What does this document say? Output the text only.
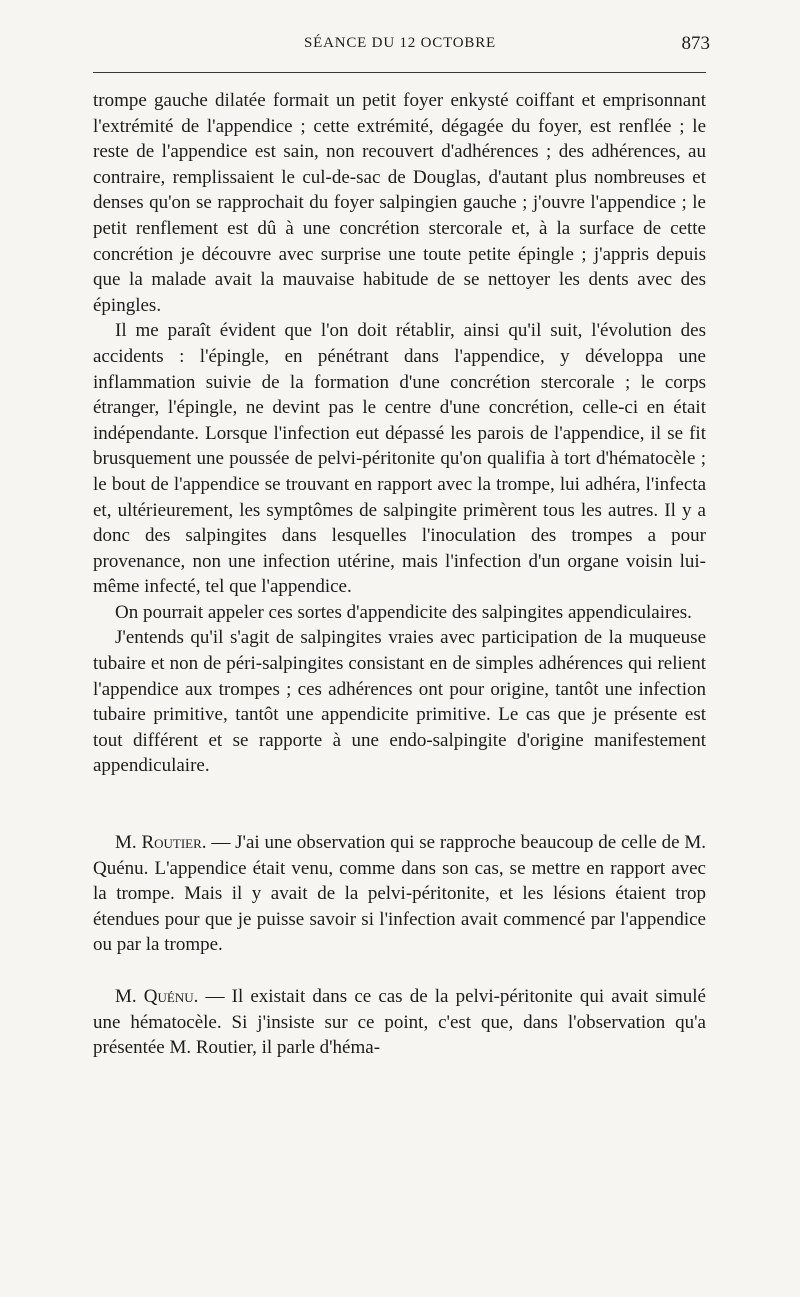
SÉANCE DU 12 OCTOBRE	873

trompe gauche dilatée formait un petit foyer enkysté coiffant et emprisonnant l'extrémité de l'appendice ; cette extrémité, dégagée du foyer, est renflée ; le reste de l'appendice est sain, non recouvert d'adhérences ; des adhérences, au contraire, remplissaient le cul-de-sac de Douglas, d'autant plus nombreuses et denses qu'on se rapprochait du foyer salpingien gauche ; j'ouvre l'appendice ; le petit renflement est dû à une concrétion stercorale et, à la surface de cette concrétion je découvre avec surprise une toute petite épingle ; j'appris depuis que la malade avait la mauvaise habitude de se nettoyer les dents avec des épingles.

Il me paraît évident que l'on doit rétablir, ainsi qu'il suit, l'évolution des accidents : l'épingle, en pénétrant dans l'appendice, y développa une inflammation suivie de la formation d'une concrétion stercorale ; le corps étranger, l'épingle, ne devint pas le centre d'une concrétion, celle-ci en était indépendante. Lorsque l'infection eut dépassé les parois de l'appendice, il se fit brusquement une poussée de pelvi-péritonite qu'on qualifia à tort d'hématocèle ; le bout de l'appendice se trouvant en rapport avec la trompe, lui adhéra, l'infecta et, ultérieurement, les symptômes de salpingite primèrent tous les autres. Il y a donc des salpingites dans lesquelles l'inoculation des trompes a pour provenance, non une infection utérine, mais l'infection d'un organe voisin lui-même infecté, tel que l'appendice.

On pourrait appeler ces sortes d'appendicite des salpingites appendiculaires.

J'entends qu'il s'agit de salpingites vraies avec participation de la muqueuse tubaire et non de péri-salpingites consistant en de simples adhérences qui relient l'appendice aux trompes ; ces adhérences ont pour origine, tantôt une infection tubaire primitive, tantôt une appendicite primitive. Le cas que je présente est tout différent et se rapporte à une endo-salpingite d'origine manifestement appendiculaire.

M. Routier. — J'ai une observation qui se rapproche beaucoup de celle de M. Quénu. L'appendice était venu, comme dans son cas, se mettre en rapport avec la trompe. Mais il y avait de la pelvi-péritonite, et les lésions étaient trop étendues pour que je puisse savoir si l'infection avait commencé par l'appendice ou par la trompe.

M. Quénu. — Il existait dans ce cas de la pelvi-péritonite qui avait simulé une hématocèle. Si j'insiste sur ce point, c'est que, dans l'observation qu'a présentée M. Routier, il parle d'héma-
